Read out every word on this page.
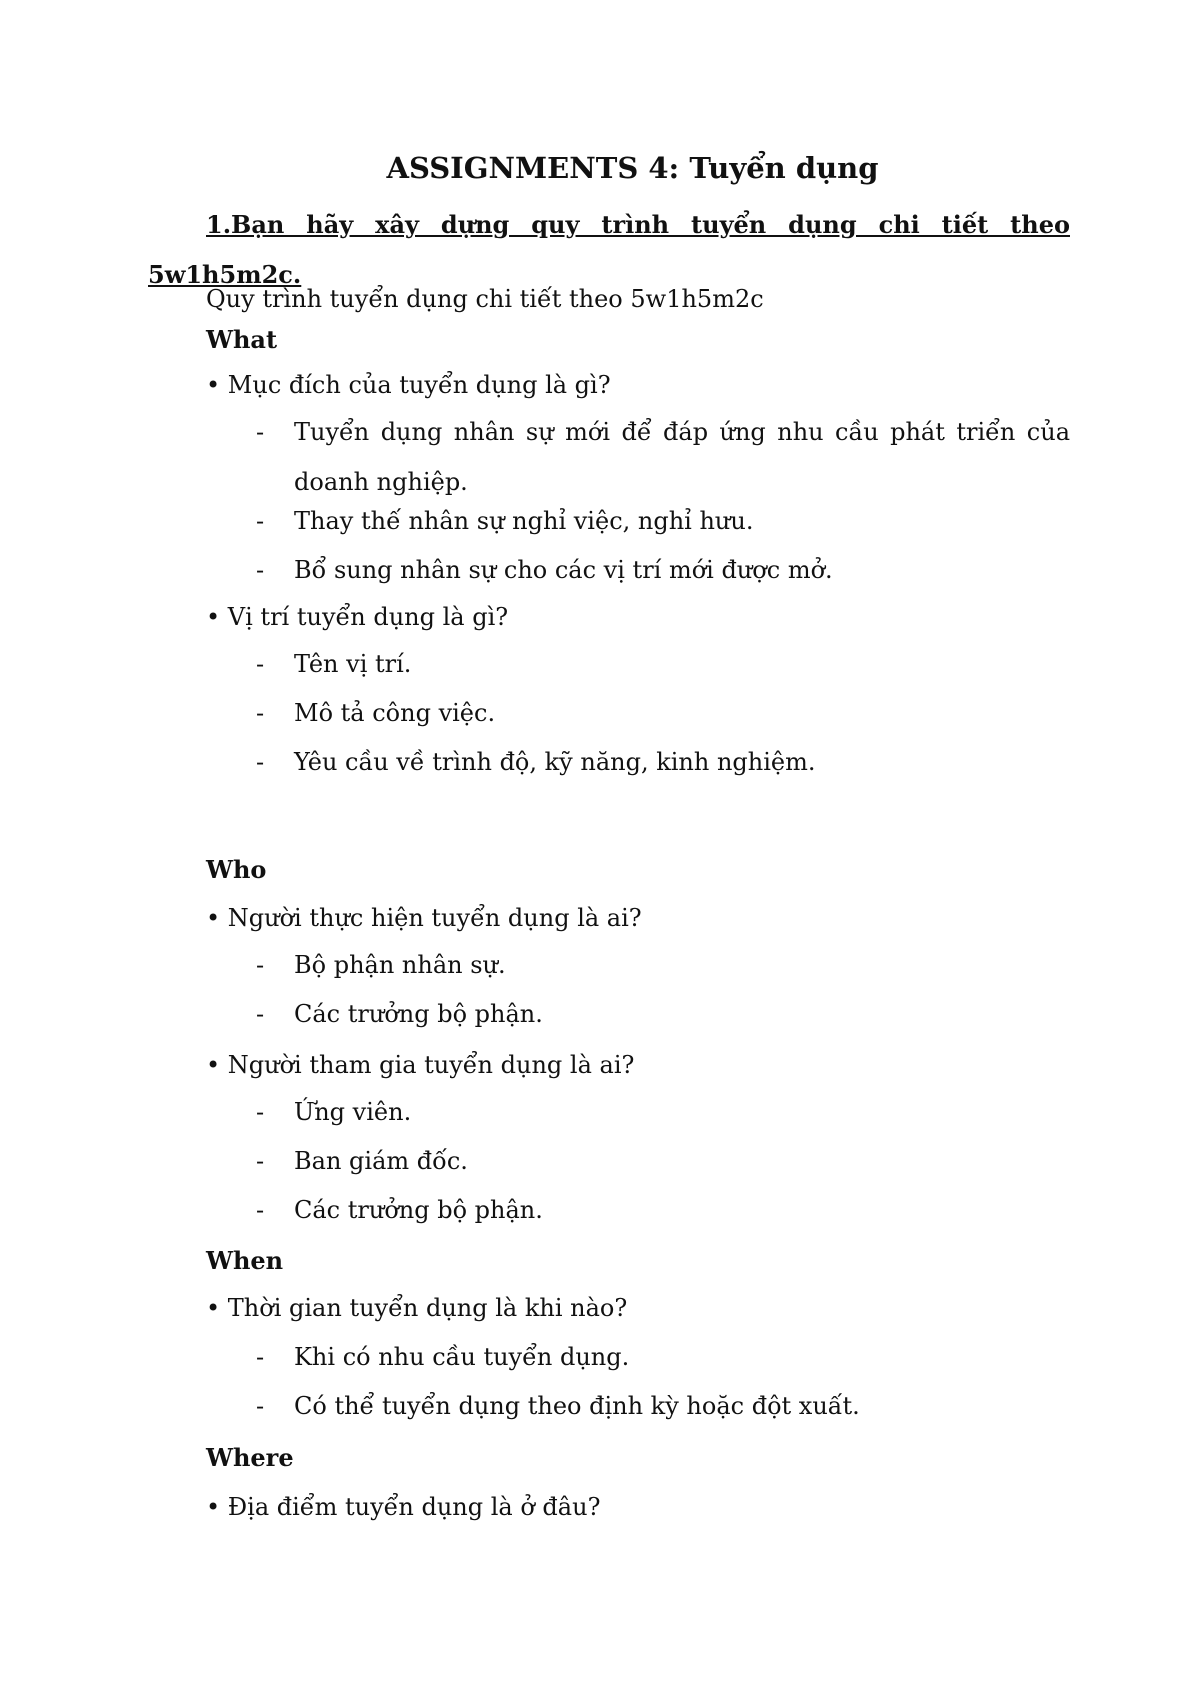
ASSIGNMENTS 4: Tuyển dụng
1.Bạn hãy xây dựng quy trình tuyển dụng chi tiết theo 5w1h5m2c.
Quy trình tuyển dụng chi tiết theo 5w1h5m2c
What
• Mục đích của tuyển dụng là gì?
- Tuyển dụng nhân sự mới để đáp ứng nhu cầu phát triển của doanh nghiệp.
- Thay thế nhân sự nghỉ việc, nghỉ hưu.
- Bổ sung nhân sự cho các vị trí mới được mở.
• Vị trí tuyển dụng là gì?
- Tên vị trí.
- Mô tả công việc.
- Yêu cầu về trình độ, kỹ năng, kinh nghiệm.
Who
• Người thực hiện tuyển dụng là ai?
- Bộ phận nhân sự.
- Các trưởng bộ phận.
• Người tham gia tuyển dụng là ai?
- Ứng viên.
- Ban giám đốc.
- Các trưởng bộ phận.
When
• Thời gian tuyển dụng là khi nào?
- Khi có nhu cầu tuyển dụng.
- Có thể tuyển dụng theo định kỳ hoặc đột xuất.
Where
• Địa điểm tuyển dụng là ở đâu?
